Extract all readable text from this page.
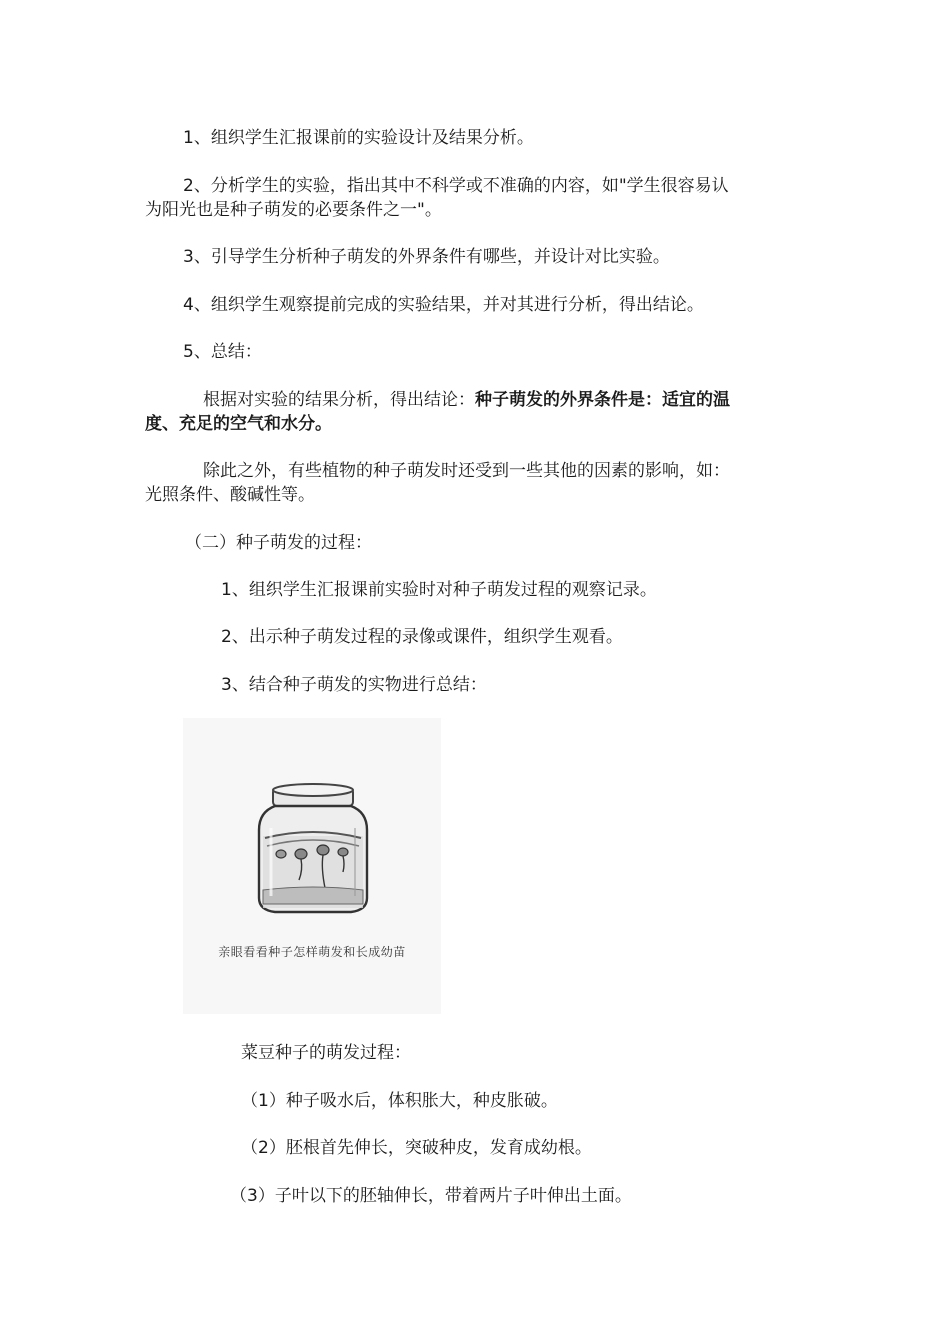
1、组织学生汇报课前的实验设计及结果分析。

2、分析学生的实验，指出其中不科学或不准确的内容，如"学生很容易认

为阳光也是种子萌发的必要条件之一"。

3、引导学生分析种子萌发的外界条件有哪些，并设计对比实验。

4、组织学生观察提前完成的实验结果，并对其进行分析，得出结论。

5、总结：

根据对实验的结果分析，得出结论：种子萌发的外界条件是：适宜的温

度、充足的空气和水分。

除此之外，有些植物的种子萌发时还受到一些其他的因素的影响，如：

光照条件、酸碱性等。

（二）种子萌发的过程：

1、组织学生汇报课前实验时对种子萌发过程的观察记录。

2、出示种子萌发过程的录像或课件，组织学生观看。

3、结合种子萌发的实物进行总结：

亲眼看看种子怎样萌发和长成幼苗

菜豆种子的萌发过程：

（1）种子吸水后，体积胀大，种皮胀破。

（2）胚根首先伸长，突破种皮，发育成幼根。

（3）子叶以下的胚轴伸长，带着两片子叶伸出土面。
